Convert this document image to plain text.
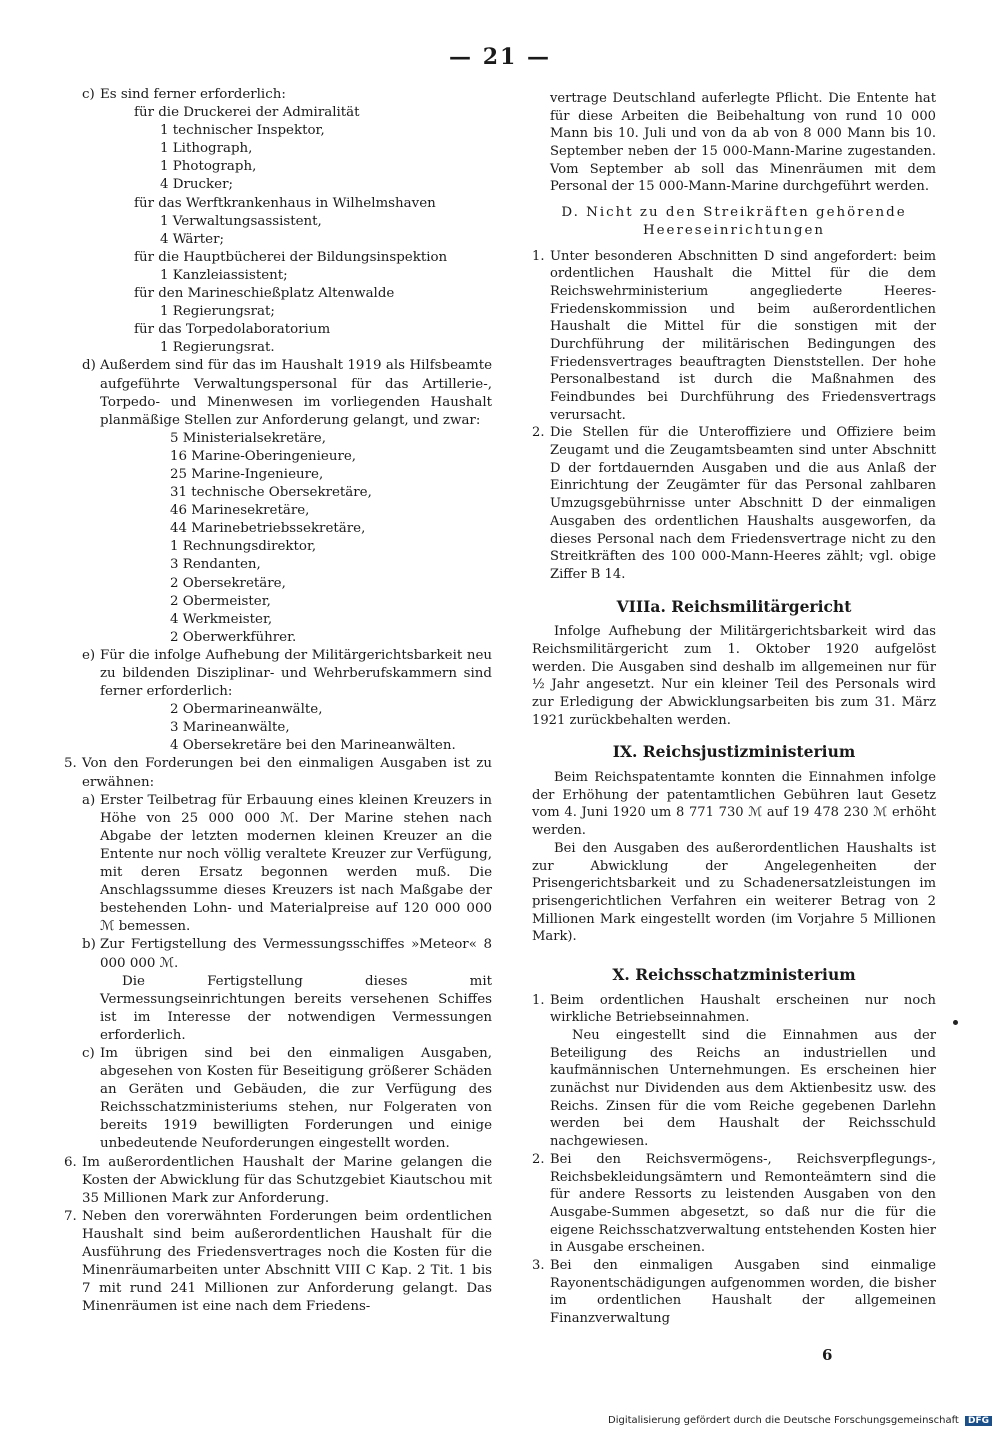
— 21 —
c) Es sind ferner erforderlich:

für die Druckerei der Admiralität

1 technischer Inspektor,

1 Lithograph,

1 Photograph,

4 Drucker;

für das Werftkrankenhaus in Wilhelmshaven

1 Verwaltungsassistent,

4 Wärter;

für die Hauptbücherei der Bildungsinspektion

1 Kanzleiassistent;

für den Marineschießplatz Altenwalde

1 Regierungsrat;

für das Torpedolaboratorium

1 Regierungsrat.

d) Außerdem sind für das im Haushalt 1919 als Hilfsbeamte aufgeführte Verwaltungspersonal für das Artillerie-, Torpedo- und Minenwesen im vorliegenden Haushalt planmäßige Stellen zur Anforderung gelangt, und zwar:

5 Ministerialsekretäre,

16 Marine-Oberingenieure,

25 Marine-Ingenieure,

31 technische Obersekretäre,

46 Marinesekretäre,

44 Marinebetriebssekretäre,

1 Rechnungsdirektor,

3 Rendanten,

2 Obersekretäre,

2 Obermeister,

4 Werkmeister,

2 Oberwerkführer.

e) Für die infolge Aufhebung der Militärgerichtsbarkeit neu zu bildenden Disziplinar- und Wehrberufskammern sind ferner erforderlich:

2 Obermarineanwälte,

3 Marineanwälte,

4 Obersekretäre bei den Marineanwälten.

5. Von den Forderungen bei den einmaligen Ausgaben ist zu erwähnen:

a) Erster Teilbetrag für Erbauung eines kleinen Kreuzers in Höhe von 25 000 000 ℳ. Der Marine stehen nach Abgabe der letzten modernen kleinen Kreuzer an die Entente nur noch völlig veraltete Kreuzer zur Verfügung, mit deren Ersatz begonnen werden muß. Die Anschlagssumme dieses Kreuzers ist nach Maßgabe der bestehenden Lohn- und Materialpreise auf 120 000 000 ℳ bemessen.

b) Zur Fertigstellung des Vermessungsschiffes »Meteor« 8 000 000 ℳ.

Die Fertigstellung dieses mit Vermessungseinrichtungen bereits versehenen Schiffes ist im Interesse der notwendigen Vermessungen erforderlich.

c) Im übrigen sind bei den einmaligen Ausgaben, abgesehen von Kosten für Beseitigung größerer Schäden an Geräten und Gebäuden, die zur Verfügung des Reichsschatzministeriums stehen, nur Folgeraten von bereits 1919 bewilligten Forderungen und einige unbedeutende Neuforderungen eingestellt worden.

6. Im außerordentlichen Haushalt der Marine gelangen die Kosten der Abwicklung für das Schutzgebiet Kiautschou mit 35 Millionen Mark zur Anforderung.

7. Neben den vorerwähnten Forderungen beim ordentlichen Haushalt sind beim außerordentlichen Haushalt für die Ausführung des Friedensvertrages noch die Kosten für die Minenräumarbeiten unter Abschnitt VIII C Kap. 2 Tit. 1 bis 7 mit rund 241 Millionen zur Anforderung gelangt. Das Minenräumen ist eine nach dem Friedens-

vertrage Deutschland auferlegte Pflicht. Die Entente hat für diese Arbeiten die Beibehaltung von rund 10 000 Mann bis 10. Juli und von da ab von 8 000 Mann bis 10. September neben der 15 000-Mann-Marine zugestanden. Vom September ab soll das Minenräumen mit dem Personal der 15 000-Mann-Marine durchgeführt werden.

D. Nicht zu den Streikräften gehörende

Heereseinrichtungen

1. Unter besonderen Abschnitten D sind angefordert: beim ordentlichen Haushalt die Mittel für die dem Reichswehrministerium angegliederte Heeres-Friedenskommission und beim außerordentlichen Haushalt die Mittel für die sonstigen mit der Durchführung der militärischen Bedingungen des Friedensvertrages beauftragten Dienststellen. Der hohe Personalbestand ist durch die Maßnahmen des Feindbundes bei Durchführung des Friedensvertrags verursacht.

2. Die Stellen für die Unteroffiziere und Offiziere beim Zeugamt und die Zeugamtsbeamten sind unter Abschnitt D der fortdauernden Ausgaben und die aus Anlaß der Einrichtung der Zeugämter für das Personal zahlbaren Umzugsgebührnisse unter Abschnitt D der einmaligen Ausgaben des ordentlichen Haushalts ausgeworfen, da dieses Personal nach dem Friedensvertrage nicht zu den Streitkräften des 100 000-Mann-Heeres zählt; vgl. obige Ziffer B 14.

VIIIa. Reichsmilitärgericht

Infolge Aufhebung der Militärgerichtsbarkeit wird das Reichsmilitärgericht zum 1. Oktober 1920 aufgelöst werden. Die Ausgaben sind deshalb im allgemeinen nur für ½ Jahr angesetzt. Nur ein kleiner Teil des Personals wird zur Erledigung der Abwicklungsarbeiten bis zum 31. März 1921 zurückbehalten werden.

IX. Reichsjustizministerium

Beim Reichspatentamte konnten die Einnahmen infolge der Erhöhung der patentamtlichen Gebühren laut Gesetz vom 4. Juni 1920 um 8 771 730 ℳ auf 19 478 230 ℳ erhöht werden.

Bei den Ausgaben des außerordentlichen Haushalts ist zur Abwicklung der Angelegenheiten der Prisengerichtsbarkeit und zu Schadenersatzleistungen im prisengerichtlichen Verfahren ein weiterer Betrag von 2 Millionen Mark eingestellt worden (im Vorjahre 5 Millionen Mark).

X. Reichsschatzministerium
1. Beim ordentlichen Haushalt erscheinen nur noch wirkliche Betriebseinnahmen.

Neu eingestellt sind die Einnahmen aus der Beteiligung des Reichs an industriellen und kaufmännischen Unternehmungen. Es erscheinen hier zunächst nur Dividenden aus dem Aktienbesitz usw. des Reichs. Zinsen für die vom Reiche gegebenen Darlehn werden bei dem Haushalt der Reichsschuld nachgewiesen.

2. Bei den Reichsvermögens-, Reichsverpflegungs-, Reichsbekleidungsämtern und Remonteämtern sind die für andere Ressorts zu leistenden Ausgaben von den Ausgabe-Summen abgesetzt, so daß nur die für die eigene Reichsschatzverwaltung entstehenden Kosten hier in Ausgabe erscheinen.

3. Bei den einmaligen Ausgaben sind einmalige Rayonentschädigungen aufgenommen worden, die bisher im ordentlichen Haushalt der allgemeinen Finanzverwaltung

6
Digitalisierung gefördert durch die Deutsche Forschungsgemeinschaft DFG
